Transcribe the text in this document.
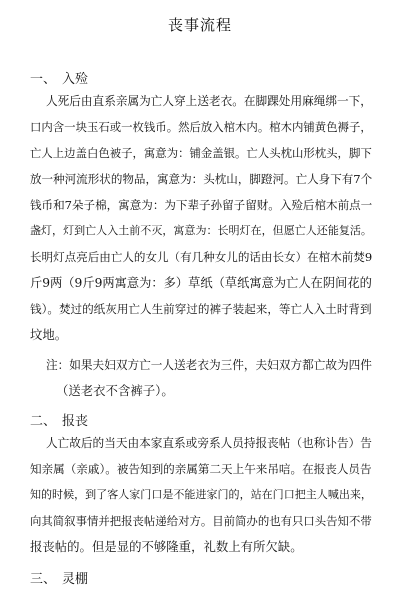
丧事流程
一、 入殓
人死后由直系亲属为亡人穿上送老衣。在脚踝处用麻绳绑一下，
口内含一块玉石或一枚钱币。然后放入棺木内。棺木内铺黄色褥子，
亡人上边盖白色被子，寓意为：铺金盖银。亡人头枕山形枕头，脚下
放一种河流形状的物品，寓意为：头枕山，脚蹬河。亡人身下有7个
钱币和7朵子棉，寓意为：为下辈子孙留子留财。入殓后棺木前点一
盏灯，灯到亡人入土前不灭，寓意为：长明灯在，但愿亡人还能复活。
长明灯点亮后由亡人的女儿（有几种女儿的话由长女）在棺木前焚9
斤9两（9斤9两寓意为：多）草纸（草纸寓意为亡人在阴间花的
钱）。焚过的纸灰用亡人生前穿过的裤子装起来，等亡人入土时背到
坟地。
注：如果夫妇双方亡一人送老衣为三件，夫妇双方都亡故为四件
（送老衣不含裤子）。
二、 报丧
人亡故后的当天由本家直系或旁系人员持报丧帖（也称讣告）告
知亲属（亲戚）。被告知到的亲属第二天上午来吊唁。在报丧人员告
知的时候，到了客人家门口是不能进家门的，站在门口把主人喊出来，
向其简叙事情并把报丧帖递给对方。目前简办的也有只口头告知不带
报丧帖的。但是显的不够隆重，礼数上有所欠缺。
三、 灵棚
